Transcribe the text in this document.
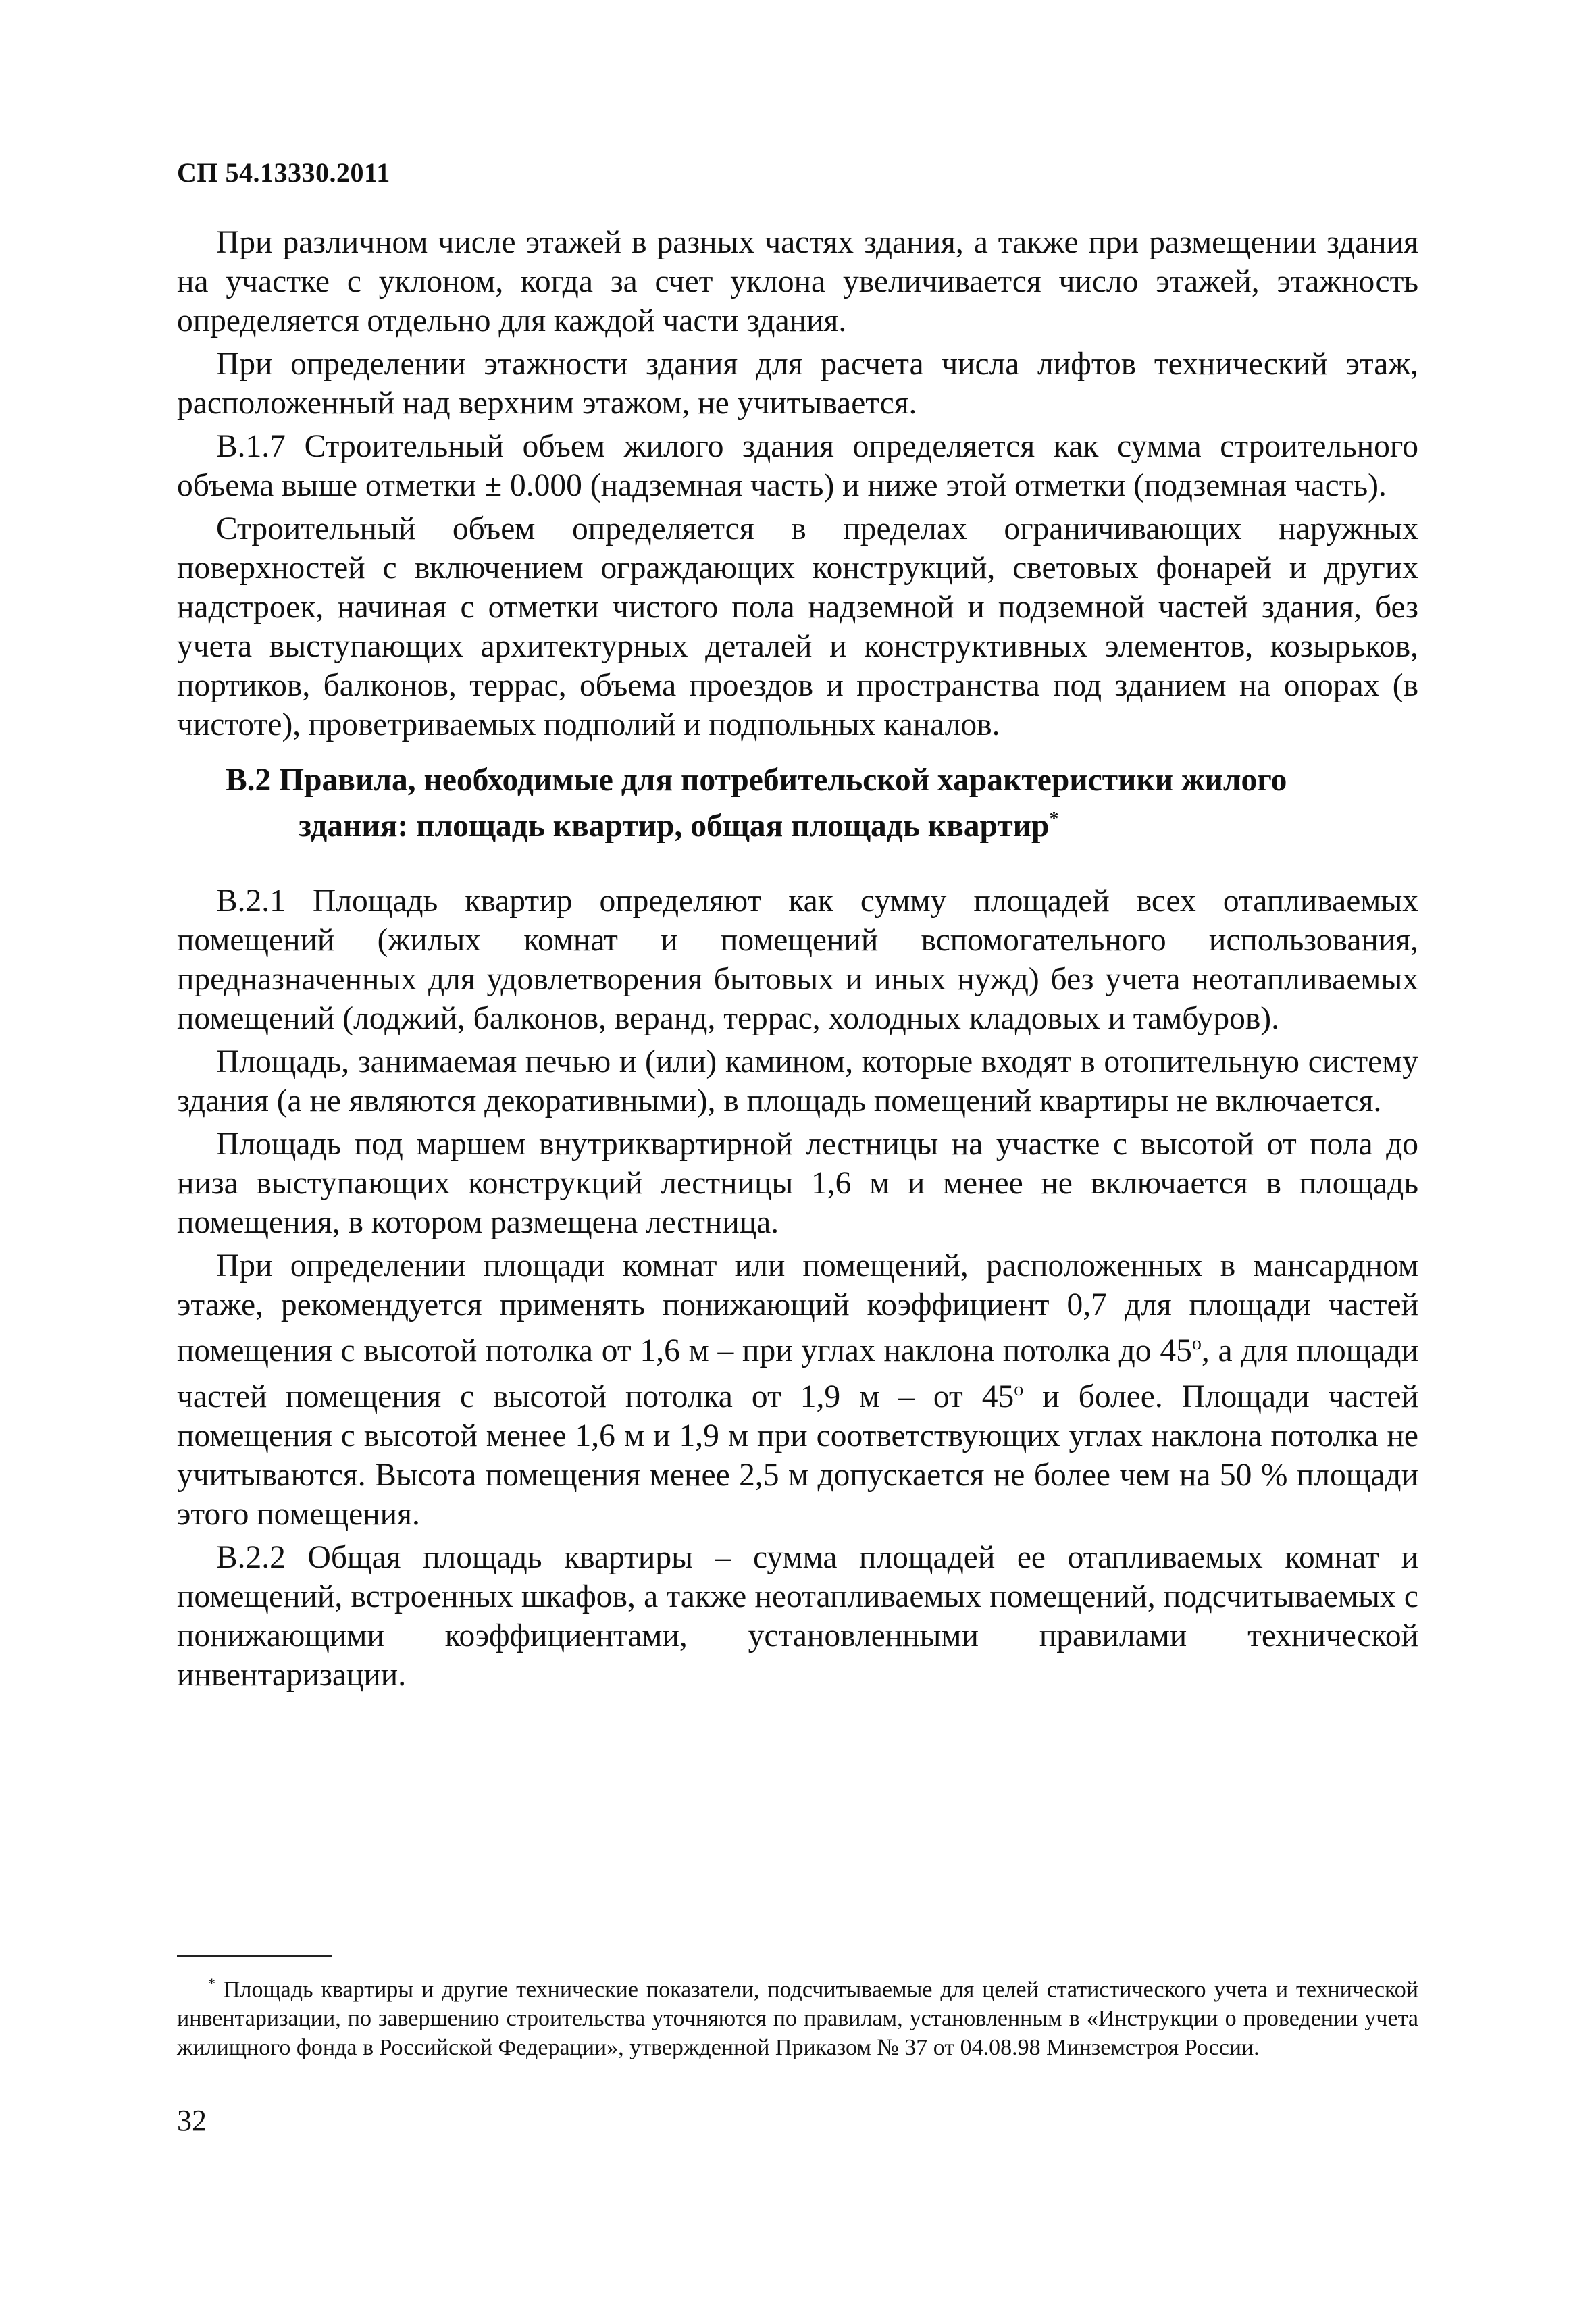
СП 54.13330.2011

При различном числе этажей в разных частях здания, а также при размещении здания на участке с уклоном, когда за счет уклона увеличивается число этажей, этажность определяется отдельно для каждой части здания.

При определении этажности здания для расчета числа лифтов технический этаж, расположенный над верхним этажом, не учитывается.

В.1.7 Строительный объем жилого здания определяется как сумма строительного объема выше отметки ± 0.000 (надземная часть) и ниже этой отметки (подземная часть).

Строительный объем определяется в пределах ограничивающих наружных поверхностей с включением ограждающих конструкций, световых фонарей и других надстроек, начиная с отметки чистого пола надземной и подземной частей здания, без учета выступающих архитектурных деталей и конструктивных элементов, козырьков, портиков, балконов, террас, объема проездов и пространства под зданием на опорах (в чистоте), проветриваемых подполий и подпольных каналов.

В.2 Правила, необходимые для потребительской характеристики жилого
здания: площадь квартир, общая площадь квартир*

В.2.1 Площадь квартир определяют как сумму площадей всех отапливаемых помещений (жилых комнат и помещений вспомогательного использования, предназначенных для удовлетворения бытовых и иных нужд) без учета неотапливаемых помещений (лоджий, балконов, веранд, террас, холодных кладовых и тамбуров).

Площадь, занимаемая печью и (или) камином, которые входят в отопительную систему здания (а не являются декоративными), в площадь помещений квартиры не включается.

Площадь под маршем внутриквартирной лестницы на участке с высотой от пола до низа выступающих конструкций лестницы 1,6 м и менее не включается в площадь помещения, в котором размещена лестница.

При определении площади комнат или помещений, расположенных в мансардном этаже, рекомендуется применять понижающий коэффициент 0,7 для площади частей помещения с высотой потолка от 1,6 м – при углах наклона потолка до $45^о$, а для площади частей помещения с высотой потолка от 1,9 м – от $45^о$ и более. Площади частей помещения с высотой менее 1,6 м и 1,9 м при соответствующих углах наклона потолка не учитываются. Высота помещения менее 2,5 м допускается не более чем на 50 % площади этого помещения.

В.2.2 Общая площадь квартиры – сумма площадей ее отапливаемых комнат и помещений, встроенных шкафов, а также неотапливаемых помещений, подсчитываемых с понижающими коэффициентами, установленными правилами технической инвентаризации.

* Площадь квартиры и другие технические показатели, подсчитываемые для целей статистического учета и технической инвентаризации, по завершению строительства уточняются по правилам, установленным в «Инструкции о проведении учета жилищного фонда в Российской Федерации», утвержденной Приказом № 37 от 04.08.98 Минземстроя России.
32
